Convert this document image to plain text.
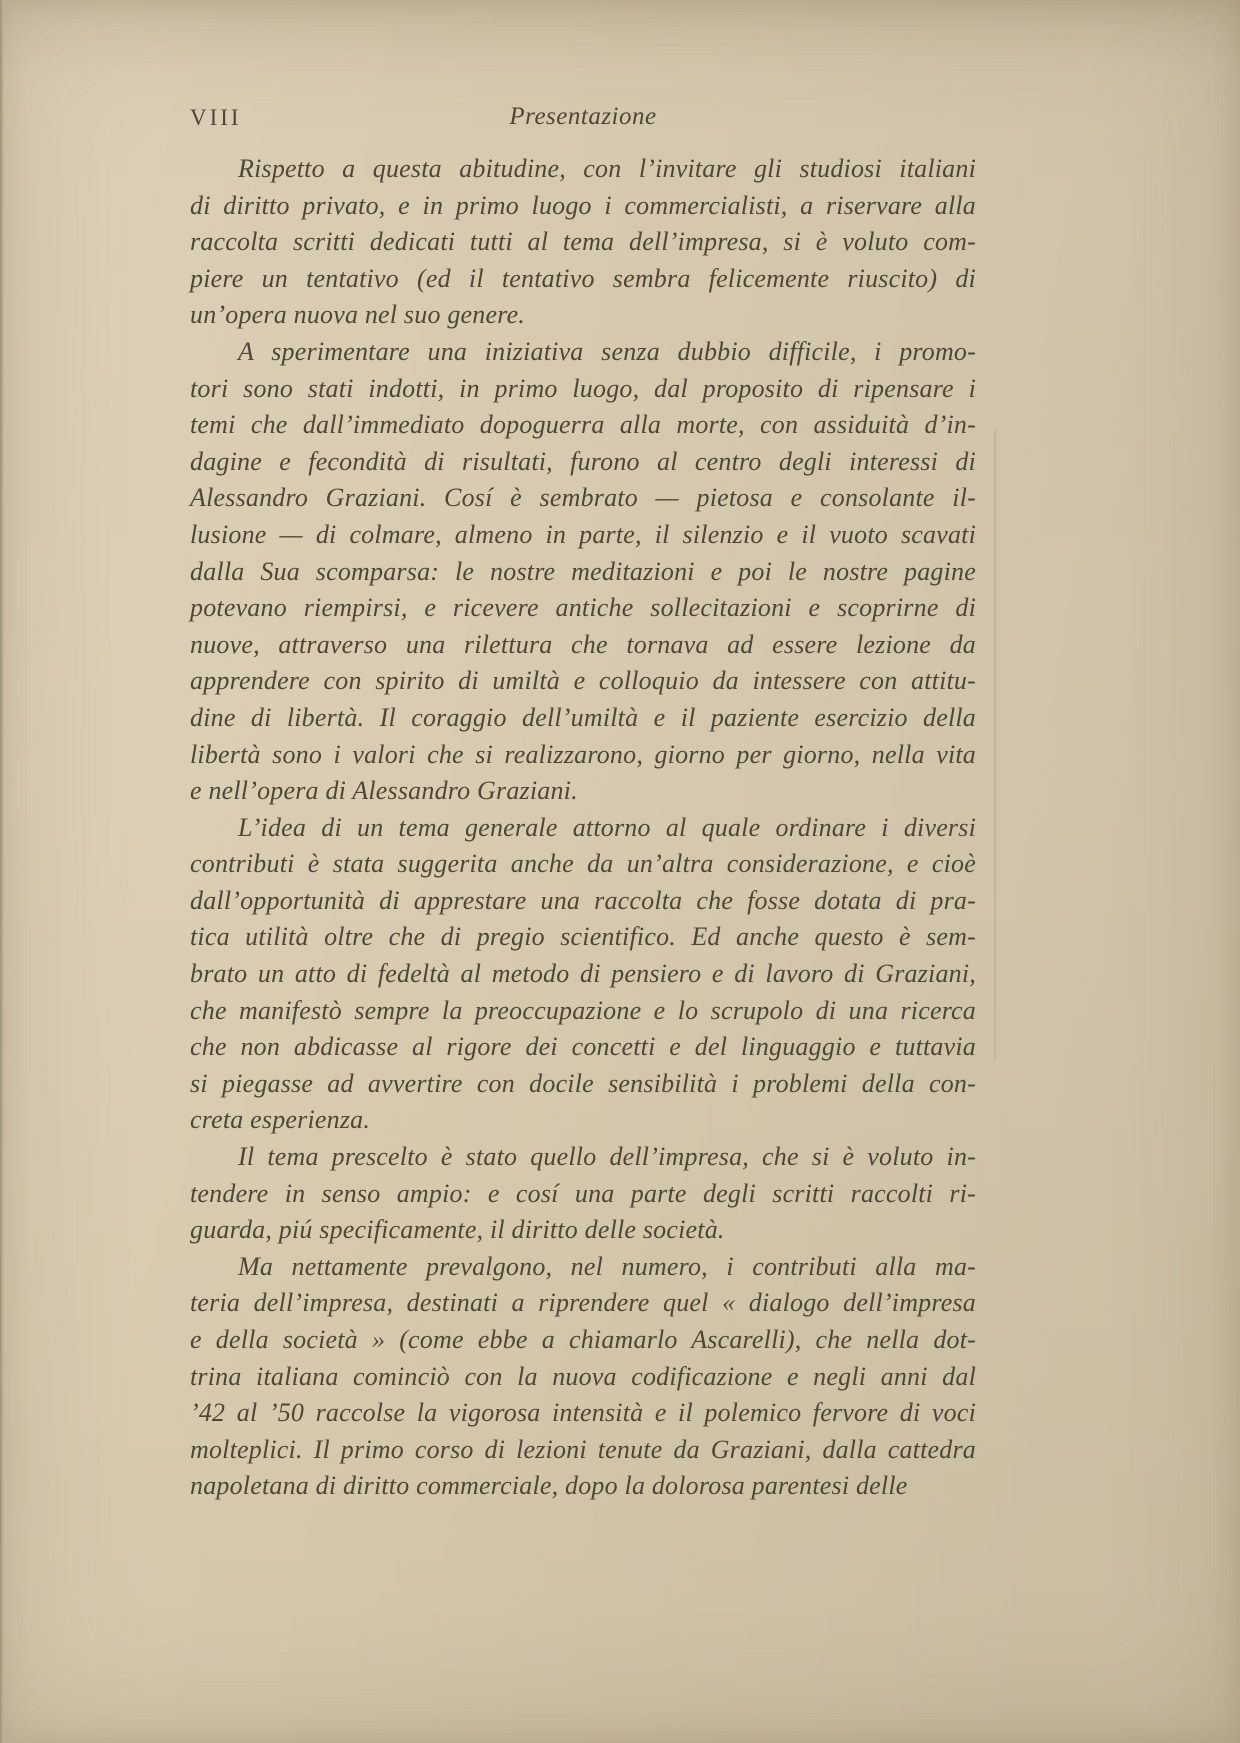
VIII	Presentazione
Rispetto a questa abitudine, con l’invitare gli studiosi italiani
di diritto privato, e in primo luogo i commercialisti, a riservare alla
raccolta scritti dedicati tutti al tema dell’impresa, si è voluto com-
piere un tentativo (ed il tentativo sembra felicemente riuscito) di
un’opera nuova nel suo genere.
A sperimentare una iniziativa senza dubbio difficile, i promo-
tori sono stati indotti, in primo luogo, dal proposito di ripensare i
temi che dall’immediato dopoguerra alla morte, con assiduità d’in-
dagine e fecondità di risultati, furono al centro degli interessi di
Alessandro Graziani. Cosí è sembrato — pietosa e consolante il-
lusione — di colmare, almeno in parte, il silenzio e il vuoto scavati
dalla Sua scomparsa: le nostre meditazioni e poi le nostre pagine
potevano riempirsi, e ricevere antiche sollecitazioni e scoprirne di
nuove, attraverso una rilettura che tornava ad essere lezione da
apprendere con spirito di umiltà e colloquio da intessere con attitu-
dine di libertà. Il coraggio dell’umiltà e il paziente esercizio della
libertà sono i valori che si realizzarono, giorno per giorno, nella vita
e nell’opera di Alessandro Graziani.
L’idea di un tema generale attorno al quale ordinare i diversi
contributi è stata suggerita anche da un’altra considerazione, e cioè
dall’opportunità di apprestare una raccolta che fosse dotata di pra-
tica utilità oltre che di pregio scientifico. Ed anche questo è sem-
brato un atto di fedeltà al metodo di pensiero e di lavoro di Graziani,
che manifestò sempre la preoccupazione e lo scrupolo di una ricerca
che non abdicasse al rigore dei concetti e del linguaggio e tuttavia
si piegasse ad avvertire con docile sensibilità i problemi della con-
creta esperienza.
Il tema prescelto è stato quello dell’impresa, che si è voluto in-
tendere in senso ampio: e cosí una parte degli scritti raccolti ri-
guarda, piú specificamente, il diritto delle società.
Ma nettamente prevalgono, nel numero, i contributi alla ma-
teria dell’impresa, destinati a riprendere quel « dialogo dell’impresa
e della società » (come ebbe a chiamarlo Ascarelli), che nella dot-
trina italiana cominciò con la nuova codificazione e negli anni dal
’42 al ’50 raccolse la vigorosa intensità e il polemico fervore di voci
molteplici. Il primo corso di lezioni tenute da Graziani, dalla cattedra
napoletana di diritto commerciale, dopo la dolorosa parentesi delle
